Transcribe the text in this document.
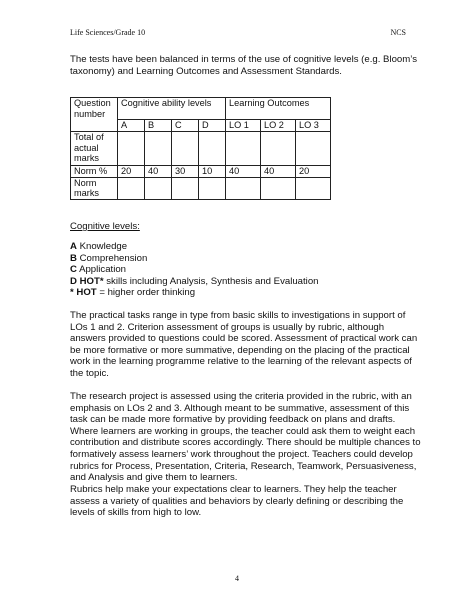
Life Sciences/Grade 10	NCS
The tests have been balanced in terms of the use of cognitive levels (e.g. Bloom’s taxonomy) and Learning Outcomes and Assessment Standards.
Question number	Cognitive ability levels				Learning Outcomes		
	A	B	C	D	LO 1	LO 2	LO 3
Total of actual marks							
Norm %	20	40	30	10	40	40	20
Norm marks							
Cognitive levels:
A Knowledge
B Comprehension
C Application
D HOT* skills including Analysis, Synthesis and Evaluation
* HOT = higher order thinking
The practical tasks range in type from basic skills to investigations in support of LOs 1 and 2. Criterion assessment of groups is usually by rubric, although answers provided to questions could be scored. Assessment of practical work can be more formative or more summative, depending on the placing of the practical work in the learning programme relative to the learning of the relevant aspects of the topic.
The research project is assessed using the criteria provided in the rubric, with an emphasis on LOs 2 and 3. Although meant to be summative, assessment of this task can be made more formative by providing feedback on plans and drafts. Where learners are working in groups, the teacher could ask them to weight each contribution and distribute scores accordingly. There should be multiple chances to formatively assess learners’ work throughout the project. Teachers could develop rubrics for Process, Presentation, Criteria, Research, Teamwork, Persuasiveness, and Analysis and give them to learners.
Rubrics help make your expectations clear to learners. They help the teacher assess a variety of qualities and behaviors by clearly defining or describing the levels of skills from high to low.
4
